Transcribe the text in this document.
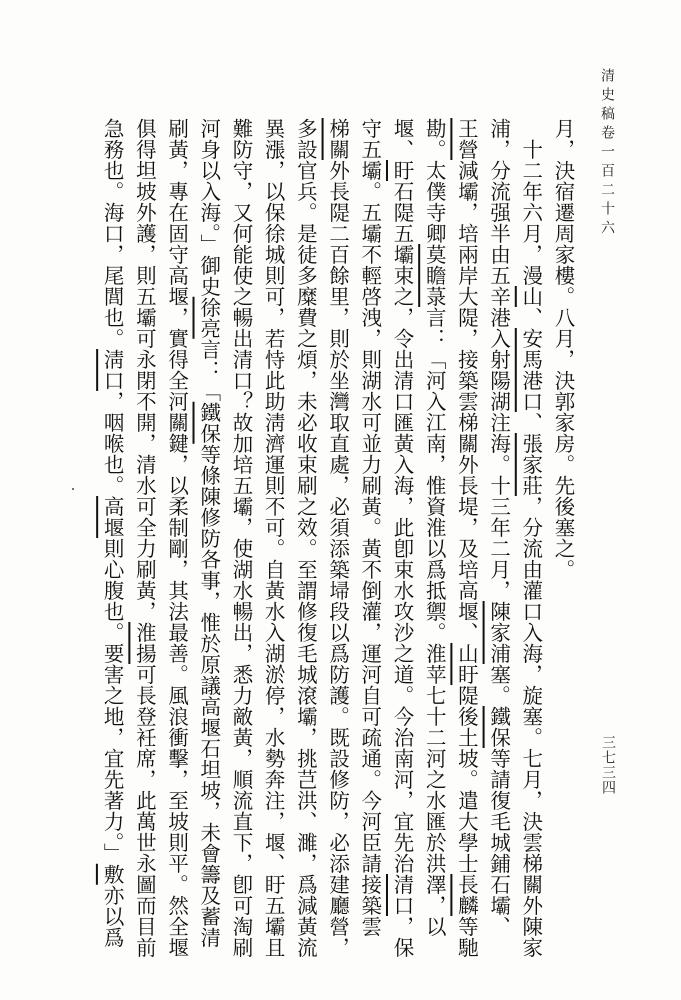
清史稿卷一百二十六
月，決宿遷周家樓。八月，決郭家房。先後塞之。
　十二年六月，漫山、安馬港口、張家莊，分流由灌口入海，旋塞。七月，決雲梯關外陳家
浦，分流强半由五辛港入射陽湖注海。十三年二月，陳家浦塞。鐵保等請復毛城鋪石壩、
王營減壩，培兩岸大隄，接築雲梯關外長堤，及培高堰、山盱隄後土坡。遣大學士長麟等馳
勘。太僕寺卿莫瞻菉言：「河入江南，惟資淮以爲抵禦。淮苹七十二河之水匯於洪澤，以
堰、盱石隄五壩束之，令出清口匯黃入海，此卽束水攻沙之道。今治南河，宜先治清口，保
守五壩。五壩不輕啓洩，則湖水可並力刷黃。黃不倒灌，運河自可疏通。今河臣請接築雲
梯關外長隄二百餘里，則於坐灣取直處，必須添築埽段以爲防護。既設修防，必添建廳營，
多設官兵。是徒多糜費之煩，未必收束刷之效。至謂修復毛城滾壩，挑芑洪、濉，爲減黃流
異漲，以保徐城則可，若恃此助淸濟運則不可。自黃水入湖淤停，水勢奔注，堰、盱五壩且
難防守，又何能使之暢出清口？故加培五壩，使湖水暢出，悉力敵黃，順流直下，卽可淘刷
河身以入海。」御史徐亮言：「鐵保等條陳修防各事，惟於原議高堰石坦坡，未會籌及蓄清
刷黃，專在固守高堰，實得全河關鍵，以柔制剛，其法最善。風浪衝擊，至坡則平。然全堰
俱得坦坡外護，則五壩可永閉不開，清水可全力刷黃，淮揚可長登衽席，此萬世永圖而目前
急務也。海口，尾閭也。淸口，咽喉也。高堰則心腹也。要害之地，宜先著力。」敷亦以爲
三七三四
